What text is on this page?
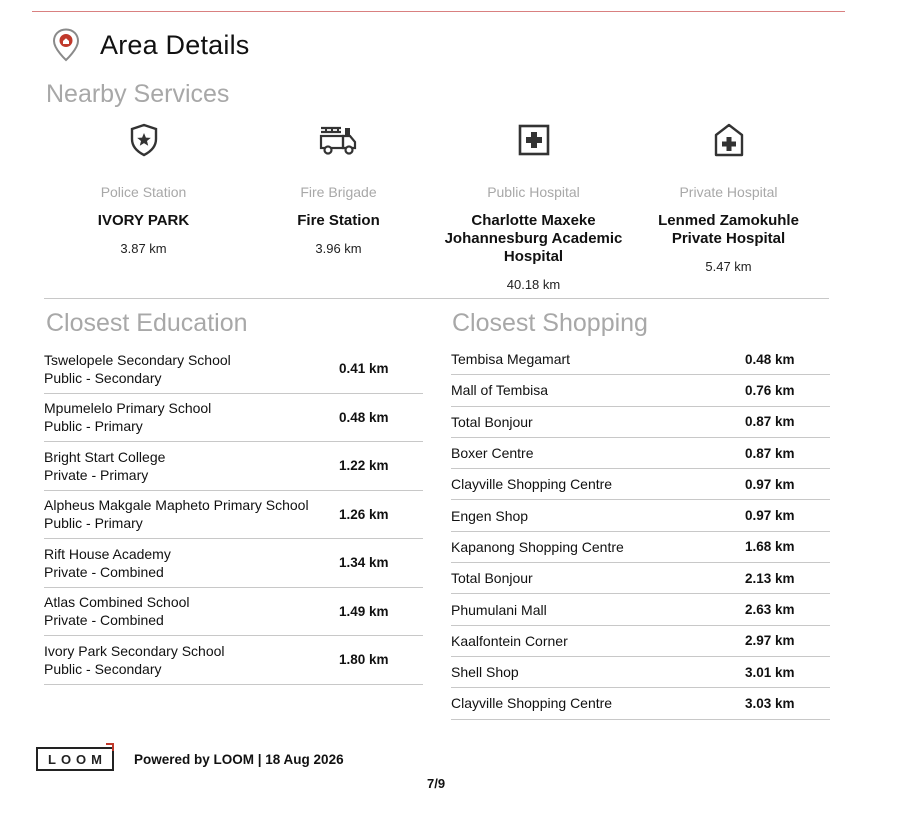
Area Details
Nearby Services
Police Station
IVORY PARK
3.87 km
Fire Brigade
Fire Station
3.96 km
Public Hospital
Charlotte Maxeke Johannesburg Academic Hospital
40.18 km
Private Hospital
Lenmed Zamokuhle Private Hospital
5.47 km
Closest Education	Closest Shopping
Tswelopele Secondary School
Public - Secondary
0.41 km
Mpumelelo Primary School
Public - Primary
0.48 km
Bright Start College
Private - Primary
1.22 km
Alpheus Makgale Mapheto Primary School
Public - Primary
1.26 km
Rift House Academy
Private - Combined
1.34 km
Atlas Combined School
Private - Combined
1.49 km
Ivory Park Secondary School
Public - Secondary
1.80 km
Tembisa Megamart	0.48 km
Mall of Tembisa	0.76 km
Total Bonjour	0.87 km
Boxer Centre	0.87 km
Clayville Shopping Centre	0.97 km
Engen Shop	0.97 km
Kapanong Shopping Centre	1.68 km
Total Bonjour	2.13 km
Phumulani Mall	2.63 km
Kaalfontein Corner	2.97 km
Shell Shop	3.01 km
Clayville Shopping Centre	3.03 km
LOOM Powered by LOOM | 18 Aug 2026
7/9
